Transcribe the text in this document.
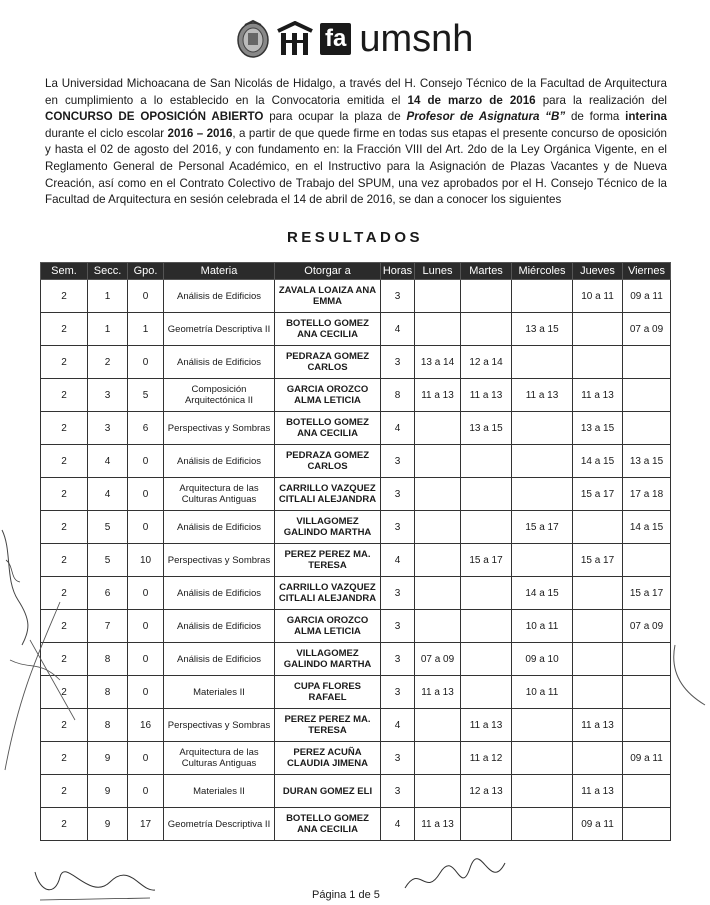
fa umsnh
La Universidad Michoacana de San Nicolás de Hidalgo, a través del H. Consejo Técnico de la Facultad de Arquitectura en cumplimiento a lo establecido en la Convocatoria emitida el 14 de marzo de 2016 para la realización del CONCURSO DE OPOSICIÓN ABIERTO para ocupar la plaza de Profesor de Asignatura “B” de forma interina durante el ciclo escolar 2016 – 2016, a partir de que quede firme en todas sus etapas el presente concurso de oposición y hasta el 02 de agosto del 2016, y con fundamento en: la Fracción VIII del Art. 2do de la Ley Orgánica Vigente, en el Reglamento General de Personal Académico, en el Instructivo para la Asignación de Plazas Vacantes y de Nueva Creación, así como en el Contrato Colectivo de Trabajo del SPUM, una vez aprobados por el H. Consejo Técnico de la Facultad de Arquitectura en sesión celebrada el 14 de abril de 2016, se dan a conocer los siguientes
RESULTADOS
Sem.	Secc.	Gpo.	Materia	Otorgar a	Horas	Lunes	Martes	Miércoles	Jueves	Viernes
2	1	0	Análisis de Edificios	ZAVALA LOAIZA ANA EMMA	3				10 a 11	09 a 11
2	1	1	Geometría Descriptiva II	BOTELLO GOMEZ ANA CECILIA	4			13 a 15		07 a 09
2	2	0	Análisis de Edificios	PEDRAZA GOMEZ CARLOS	3	13 a 14	12 a 14			
2	3	5	Composición Arquitectónica II	GARCIA OROZCO ALMA LETICIA	8	11 a 13	11 a 13	11 a 13	11 a 13	
2	3	6	Perspectivas y Sombras	BOTELLO GOMEZ ANA CECILIA	4		13 a 15		13 a 15	
2	4	0	Análisis de Edificios	PEDRAZA GOMEZ CARLOS	3				14 a 15	13 a 15
2	4	0	Arquitectura de las Culturas Antiguas	CARRILLO VAZQUEZ CITLALI ALEJANDRA	3				15 a 17	17 a 18
2	5	0	Análisis de Edificios	VILLAGOMEZ GALINDO MARTHA	3			15 a 17		14 a 15
2	5	10	Perspectivas y Sombras	PEREZ PEREZ MA. TERESA	4		15 a 17		15 a 17	
2	6	0	Análisis de Edificios	CARRILLO VAZQUEZ CITLALI ALEJANDRA	3			14 a 15		15 a 17
2	7	0	Análisis de Edificios	GARCIA OROZCO ALMA LETICIA	3			10 a 11		07 a 09
2	8	0	Análisis de Edificios	VILLAGOMEZ GALINDO MARTHA	3	07 a 09		09 a 10		
2	8	0	Materiales II	CUPA FLORES RAFAEL	3	11 a 13		10 a 11		
2	8	16	Perspectivas y Sombras	PEREZ PEREZ MA. TERESA	4		11 a 13		11 a 13	
2	9	0	Arquitectura de las Culturas Antiguas	PEREZ ACUÑA CLAUDIA JIMENA	3		11 a 12			09 a 11
2	9	0	Materiales II	DURAN GOMEZ ELI	3		12 a 13		11 a 13	
2	9	17	Geometría Descriptiva II	BOTELLO GOMEZ ANA CECILIA	4	11 a 13			09 a 11	
Página 1 de 5
